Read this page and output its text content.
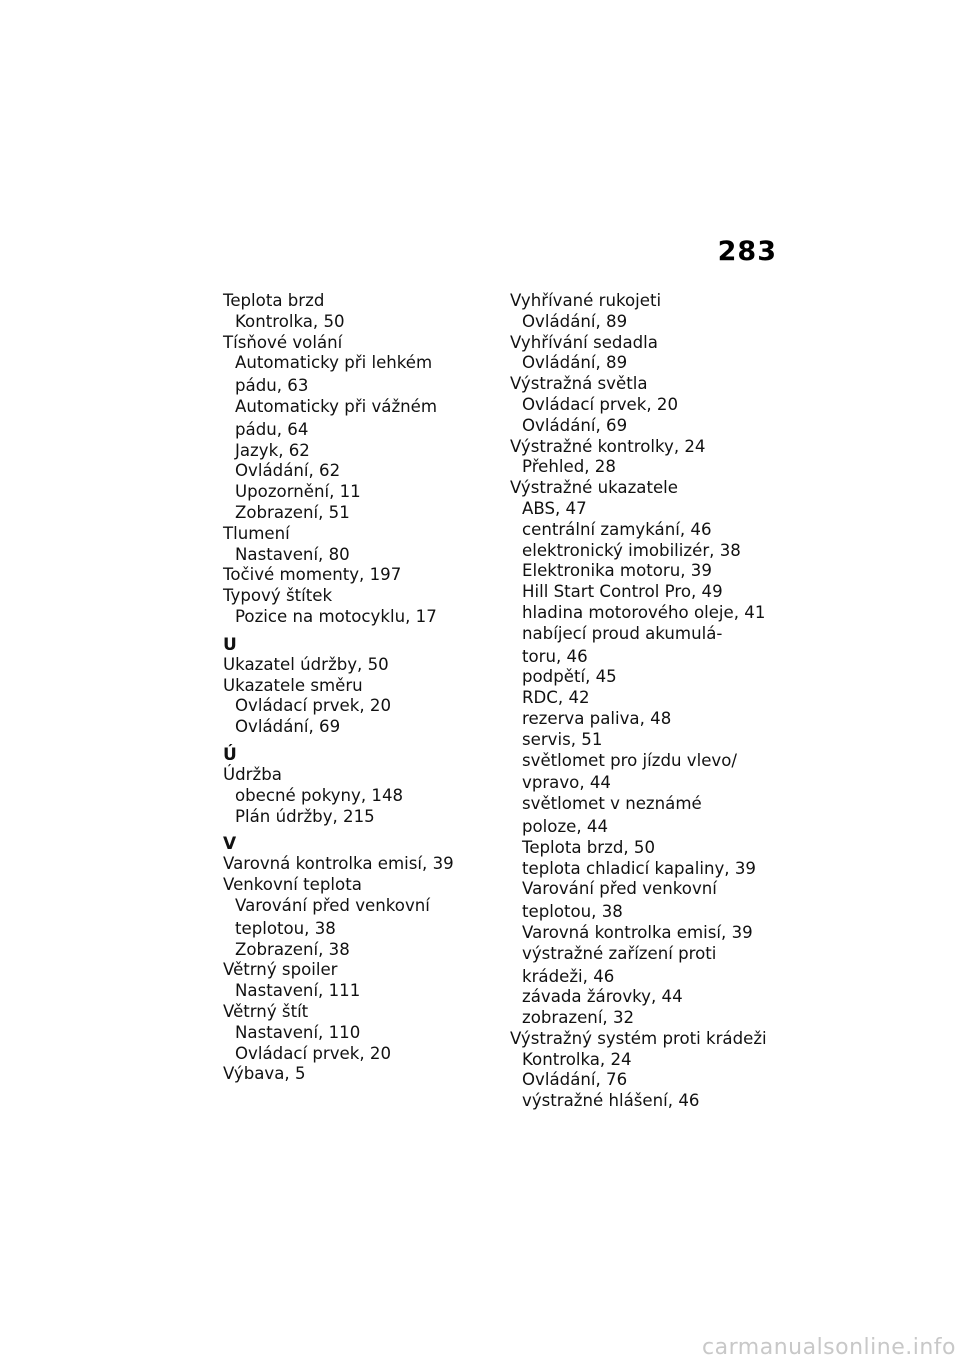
283
Teplota brzd
Kontrolka, 50
Tísňové volání
Automaticky při lehkém
pádu, 63
Automaticky při vážném
pádu, 64
Jazyk, 62
Ovládání, 62
Upozornění, 11
Zobrazení, 51
Tlumení
Nastavení, 80
Točivé momenty, 197
Typový štítek
Pozice na motocyklu, 17
U
Ukazatel údržby, 50
Ukazatele směru
Ovládací prvek, 20
Ovládání, 69
Ú
Údržba
obecné pokyny, 148
Plán údržby, 215
V
Varovná kontrolka emisí, 39
Venkovní teplota
Varování před venkovní
teplotou, 38
Zobrazení, 38
Větrný spoiler
Nastavení, 111
Větrný štít
Nastavení, 110
Ovládací prvek, 20
Výbava, 5
Vyhřívané rukojeti
Ovládání, 89
Vyhřívání sedadla
Ovládání, 89
Výstražná světla
Ovládací prvek, 20
Ovládání, 69
Výstražné kontrolky, 24
Přehled, 28
Výstražné ukazatele
ABS, 47
centrální zamykání, 46
elektronický imobilizér, 38
Elektronika motoru, 39
Hill Start Control Pro, 49
hladina motorového oleje, 41
nabíjecí proud akumulá-
toru, 46
podpětí, 45
RDC, 42
rezerva paliva, 48
servis, 51
světlomet pro jízdu vlevo/
vpravo, 44
světlomet v neznámé
poloze, 44
Teplota brzd, 50
teplota chladicí kapaliny, 39
Varování před venkovní
teplotou, 38
Varovná kontrolka emisí, 39
výstražné zařízení proti
krádeži, 46
závada žárovky, 44
zobrazení, 32
Výstražný systém proti krádeži
Kontrolka, 24
Ovládání, 76
výstražné hlášení, 46
carmanualsonline.info
